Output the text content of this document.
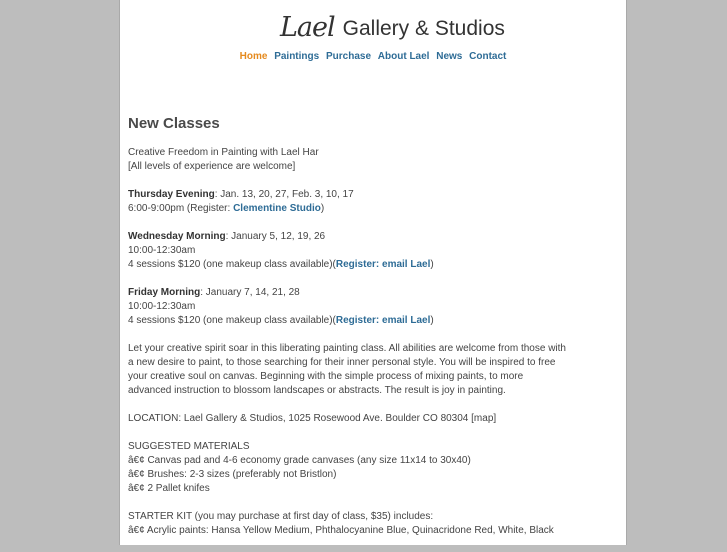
Lael Gallery & Studios
Home Paintings Purchase About Lael News Contact
New Classes

Creative Freedom in Painting with Lael Har
[All levels of experience are welcome]

Thursday Evening: Jan. 13, 20, 27, Feb. 3, 10, 17
6:00-9:00pm (Register: Clementine Studio)

Wednesday Morning: January 5, 12, 19, 26
10:00-12:30am
4 sessions $120 (one makeup class available)(Register: email Lael)

Friday Morning: January 7, 14, 21, 28
10:00-12:30am
4 sessions $120 (one makeup class available)(Register: email Lael)

Let your creative spirit soar in this liberating painting class. All abilities are welcome from those with a new desire to paint, to those searching for their inner personal style. You will be inspired to free your creative soul on canvas. Beginning with the simple process of mixing paints, to more advanced instruction to blossom landscapes or abstracts. The result is joy in painting.

LOCATION: Lael Gallery & Studios, 1025 Rosewood Ave. Boulder CO 80304 [map]

SUGGESTED MATERIALS
â€¢ Canvas pad and 4-6 economy grade canvases (any size 11x14 to 30x40)
â€¢ Brushes: 2-3 sizes (preferably not Bristlon)
â€¢ 2 Pallet knifes

STARTER KIT (you may purchase at first day of class, $35) includes:
â€¢ Acrylic paints: Hansa Yellow Medium, Phthalocyanine Blue, Quinacridone Red, White, Black
